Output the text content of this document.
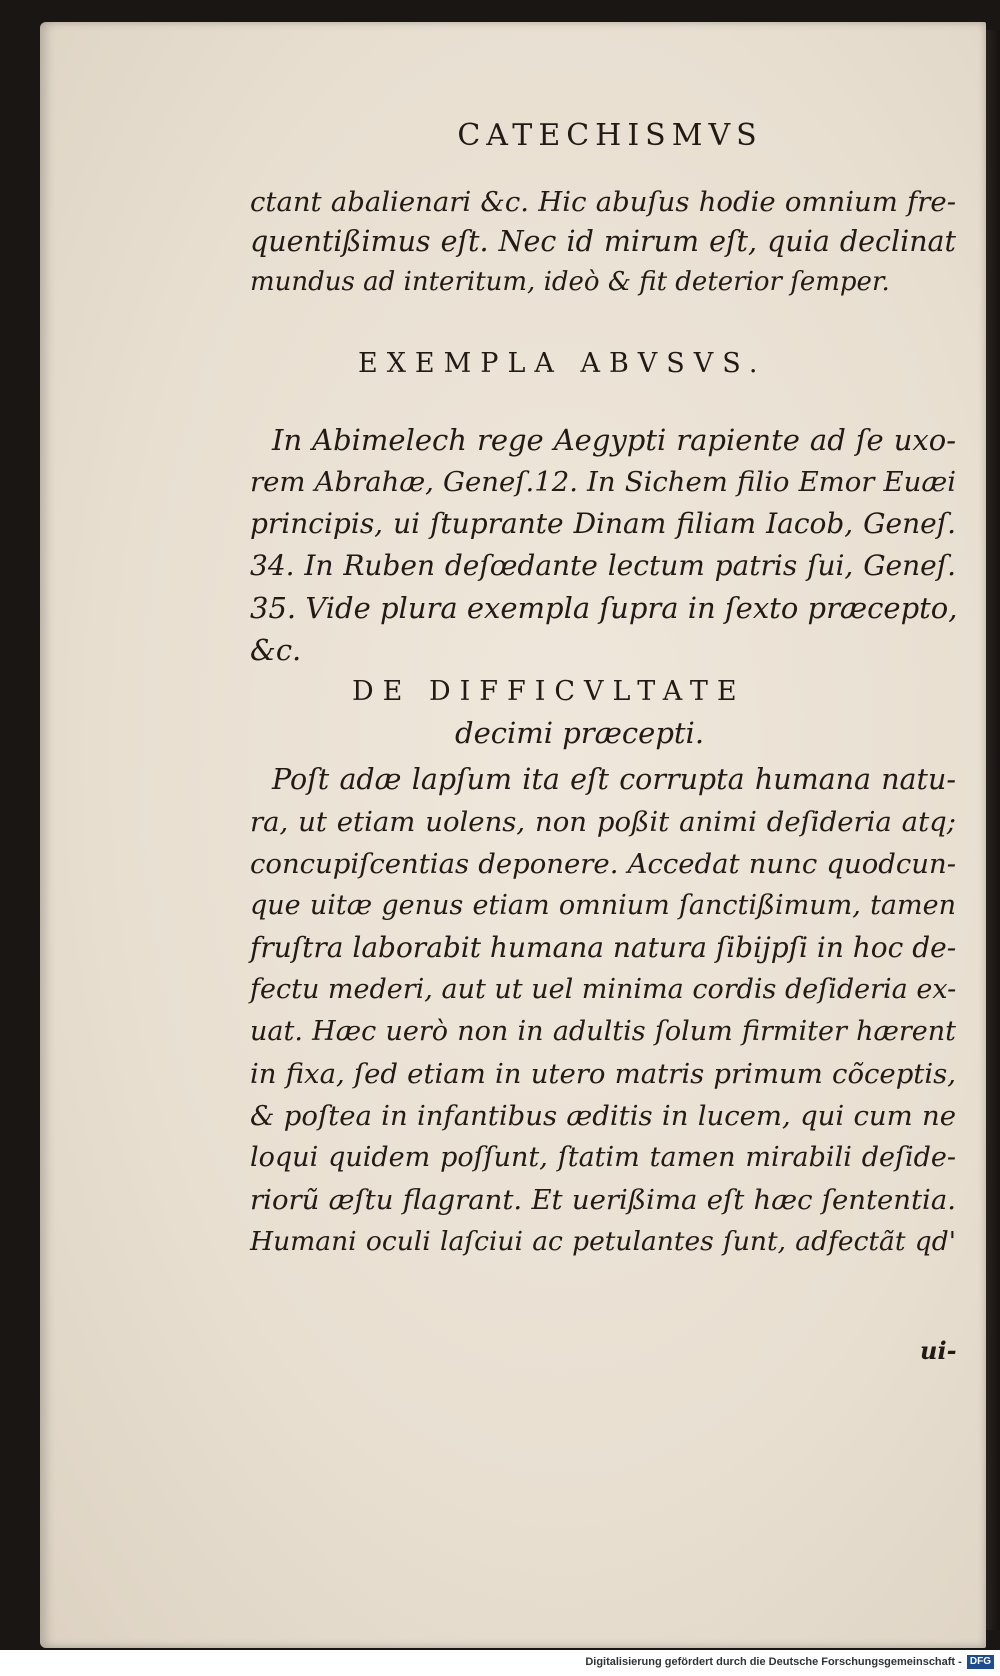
CATECHISMVS

ctant abalienari &c. Hic abuſus hodie omnium fre-

quentißimus eſt. Nec id mirum eſt, quia declinat

mundus ad interitum, ideò & fit deterior ſemper.

EXEMPLA ABVSVS.

In Abimelech rege Aegypti rapiente ad ſe uxo-

rem Abrahæ, Geneſ.12. In Sichem filio Emor Euæi

principis, ui ſtuprante Dinam filiam Iacob, Geneſ.

34. In Ruben deſœdante lectum patris ſui, Geneſ.

35. Vide plura exempla ſupra in ſexto præcepto,

&c.

DE DIFFICVLTATE
decimi præcepti.

Poſt adæ lapſum ita eſt corrupta humana natu-

ra, ut etiam uolens, non poßit animi deſideria atq;

concupiſcentias deponere. Accedat nunc quodcun-

que uitæ genus etiam omnium ſanctißimum, tamen

fruſtra laborabit humana natura ſibijpſi in hoc de-

fectu mederi, aut ut uel minima cordis deſideria ex-

uat. Hæc uerò non in adultis ſolum firmiter hærent

in fixa, ſed etiam in utero matris primum cõceptis,

& poſtea in infantibus æditis in lucem, qui cum ne

loqui quidem poſſunt, ſtatim tamen mirabili deſide-

riorũ æſtu flagrant. Et uerißima eſt hæc ſententia.

Humani oculi laſciui ac petulantes ſunt, adfectãt qd'

ui-
Digitalisierung gefördert durch die Deutsche Forschungsgemeinschaft - DFG
